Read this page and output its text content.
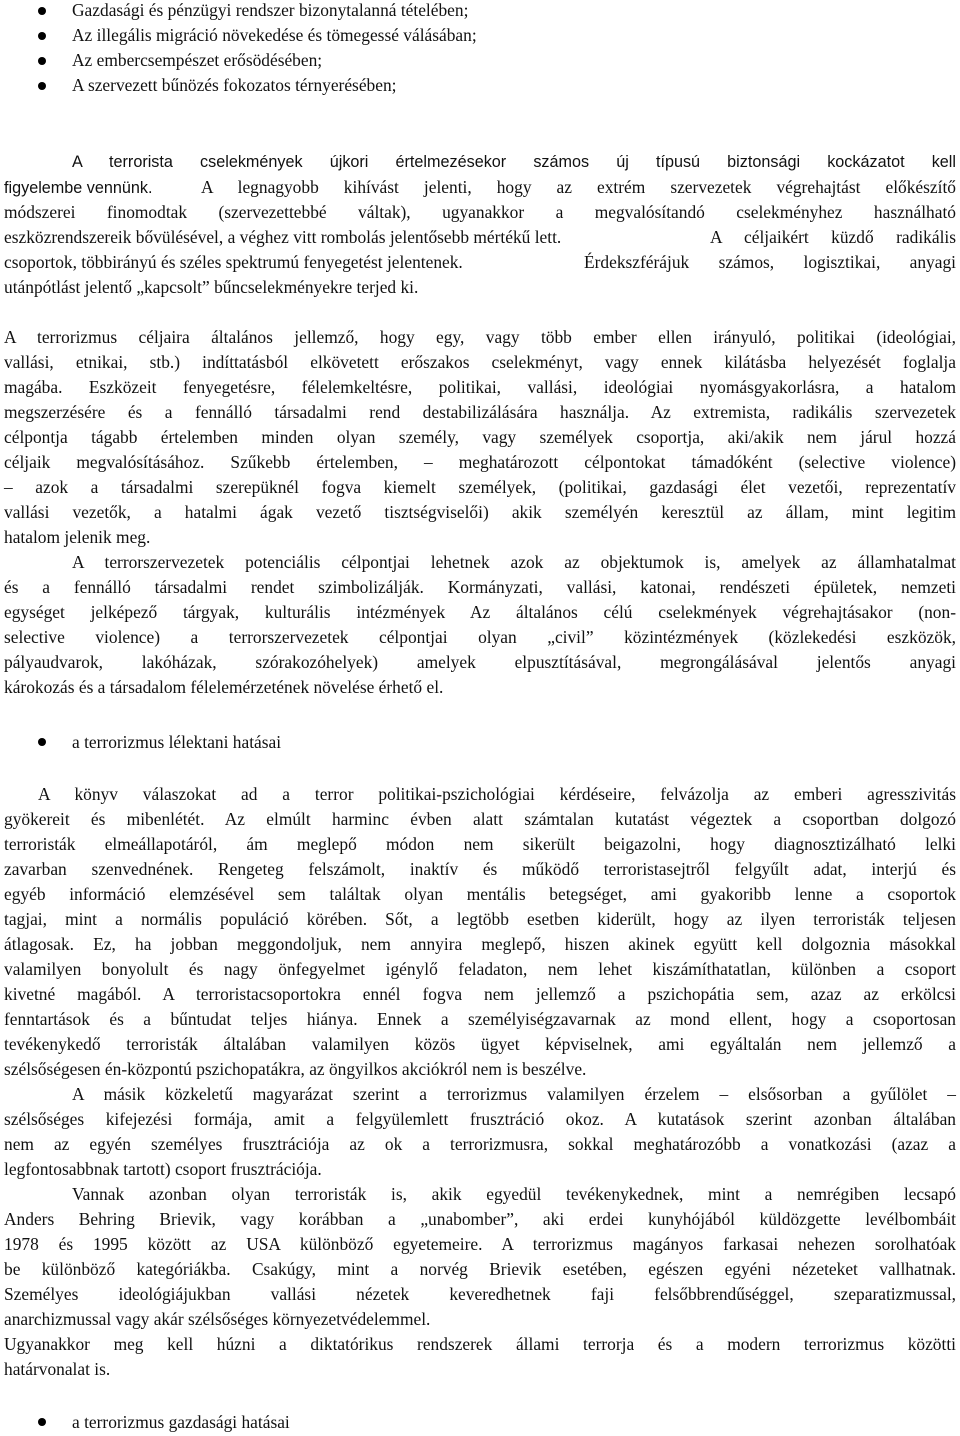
Gazdasági és pénzügyi rendszer bizonytalanná tételében;
Az illegális migráció növekedése és tömegessé válásában;
Az embercsempészet erősödésében;
A szervezett bűnözés fokozatos térnyerésében;
A terrorista cselekmények újkori értelmezésekor számos új típusú biztonsági kockázatot kell
figyelembe vennünk.	A legnagyobb kihívást jelenti, hogy az extrém szervezetek végrehajtást előkészítő
módszerei finomodtak (szervezettebbé váltak), ugyanakkor a megvalósítandó cselekményhez használható
eszközrendszereik bővülésével, a véghez vitt rombolás jelentősebb mértékű lett.	A céljaikért küzdő radikális
csoportok, többirányú és széles spektrumú fenyegetést jelentenek.	Érdekszférájuk számos, logisztikai, anyagi
utánpótlást jelentő „kapcsolt” bűncselekményekre terjed ki.
A terrorizmus céljaira általános jellemző, hogy egy, vagy több ember ellen irányuló, politikai (ideológiai,
vallási, etnikai, stb.) indíttatásból elkövetett erőszakos cselekményt, vagy ennek kilátásba helyezését foglalja
magába. Eszközeit fenyegetésre, félelemkeltésre, politikai, vallási, ideológiai nyomásgyakorlásra, a hatalom
megszerzésére és a fennálló társadalmi rend destabilizálására használja. Az extremista, radikális szervezetek
célpontja tágabb értelemben minden olyan személy, vagy személyek csoportja, aki/akik nem járul hozzá
céljaik megvalósításához. Szűkebb értelemben, – meghatározott célpontokat támadóként (selective violence)
– azok a társadalmi szerepüknél fogva kiemelt személyek, (politikai, gazdasági élet vezetői, reprezentatív
vallási vezetők, a hatalmi ágak vezető tisztségviselői) akik személyén keresztül az állam, mint legitim
hatalom jelenik meg.
A terrorszervezetek potenciális célpontjai lehetnek azok az objektumok is, amelyek az államhatalmat
és a fennálló társadalmi rendet szimbolizálják. Kormányzati, vallási, katonai, rendészeti épületek, nemzeti
egységet jelképező tárgyak, kulturális intézmények Az általános célú cselekmények végrehajtásakor (non-
selective violence) a terrorszervezetek célpontjai olyan „civil” közintézmények (közlekedési eszközök,
pályaudvarok, lakóházak, szórakozóhelyek) amelyek elpusztításával, megrongálásával jelentős anyagi
károkozás és a társadalom félelemérzetének növelése érhető el.
a terrorizmus lélektani hatásai
A könyv válaszokat ad a terror politikai-pszichológiai kérdéseire, felvázolja az emberi agresszivitás
gyökereit és mibenlétét. Az elmúlt harminc évben alatt számtalan kutatást végeztek a csoportban dolgozó
terroristák elmeállapotáról, ám meglepő módon nem sikerült beigazolni, hogy diagnosztizálható lelki
zavarban szenvednének. Rengeteg felszámolt, inaktív és működő terroristasejtről felgyűlt adat, interjú és
egyéb információ elemzésével sem találtak olyan mentális betegséget, ami gyakoribb lenne a csoportok
tagjai, mint a normális populáció körében. Sőt, a legtöbb esetben kiderült, hogy az ilyen terroristák teljesen
átlagosak. Ez, ha jobban meggondoljuk, nem annyira meglepő, hiszen akinek együtt kell dolgoznia másokkal
valamilyen bonyolult és nagy önfegyelmet igénylő feladaton, nem lehet kiszámíthatatlan, különben a csoport
kivetné magából. A terroristacsoportokra ennél fogva nem jellemző a pszichopátia sem, azaz az erkölcsi
fenntartások és a bűntudat teljes hiánya. Ennek a személyiségzavarnak az mond ellent, hogy a csoportosan
tevékenykedő terroristák általában valamilyen közös ügyet képviselnek, ami egyáltalán nem jellemző a
szélsőségesen én-központú pszichopatákra, az öngyilkos akciókról nem is beszélve.
A másik közkeletű magyarázat szerint a terrorizmus valamilyen érzelem – elsősorban a gyűlölet –
szélsőséges kifejezési formája, amit a felgyülemlett frusztráció okoz. A kutatások szerint azonban általában
nem az egyén személyes frusztrációja az ok a terrorizmusra, sokkal meghatározóbb a vonatkozási (azaz a
legfontosabbnak tartott) csoport frusztrációja.
Vannak azonban olyan terroristák is, akik egyedül tevékenykednek, mint a nemrégiben lecsapó
Anders Behring Brievik, vagy korábban a „unabomber”, aki erdei kunyhójából küldözgette levélbombáit
1978 és 1995 között az USA különböző egyetemeire. A terrorizmus magányos farkasai nehezen sorolhatóak
be különböző kategóriákba. Csakúgy, mint a norvég Brievik esetében, egészen egyéni nézeteket vallhatnak.
Személyes ideológiájukban vallási nézetek keveredhetnek faji felsőbbrendűséggel, szeparatizmussal,
anarchizmussal vagy akár szélsőséges környezetvédelemmel.
Ugyanakkor meg kell húzni a diktatórikus rendszerek állami terrorja és a modern terrorizmus közötti
határvonalat is.
a terrorizmus gazdasági hatásai
